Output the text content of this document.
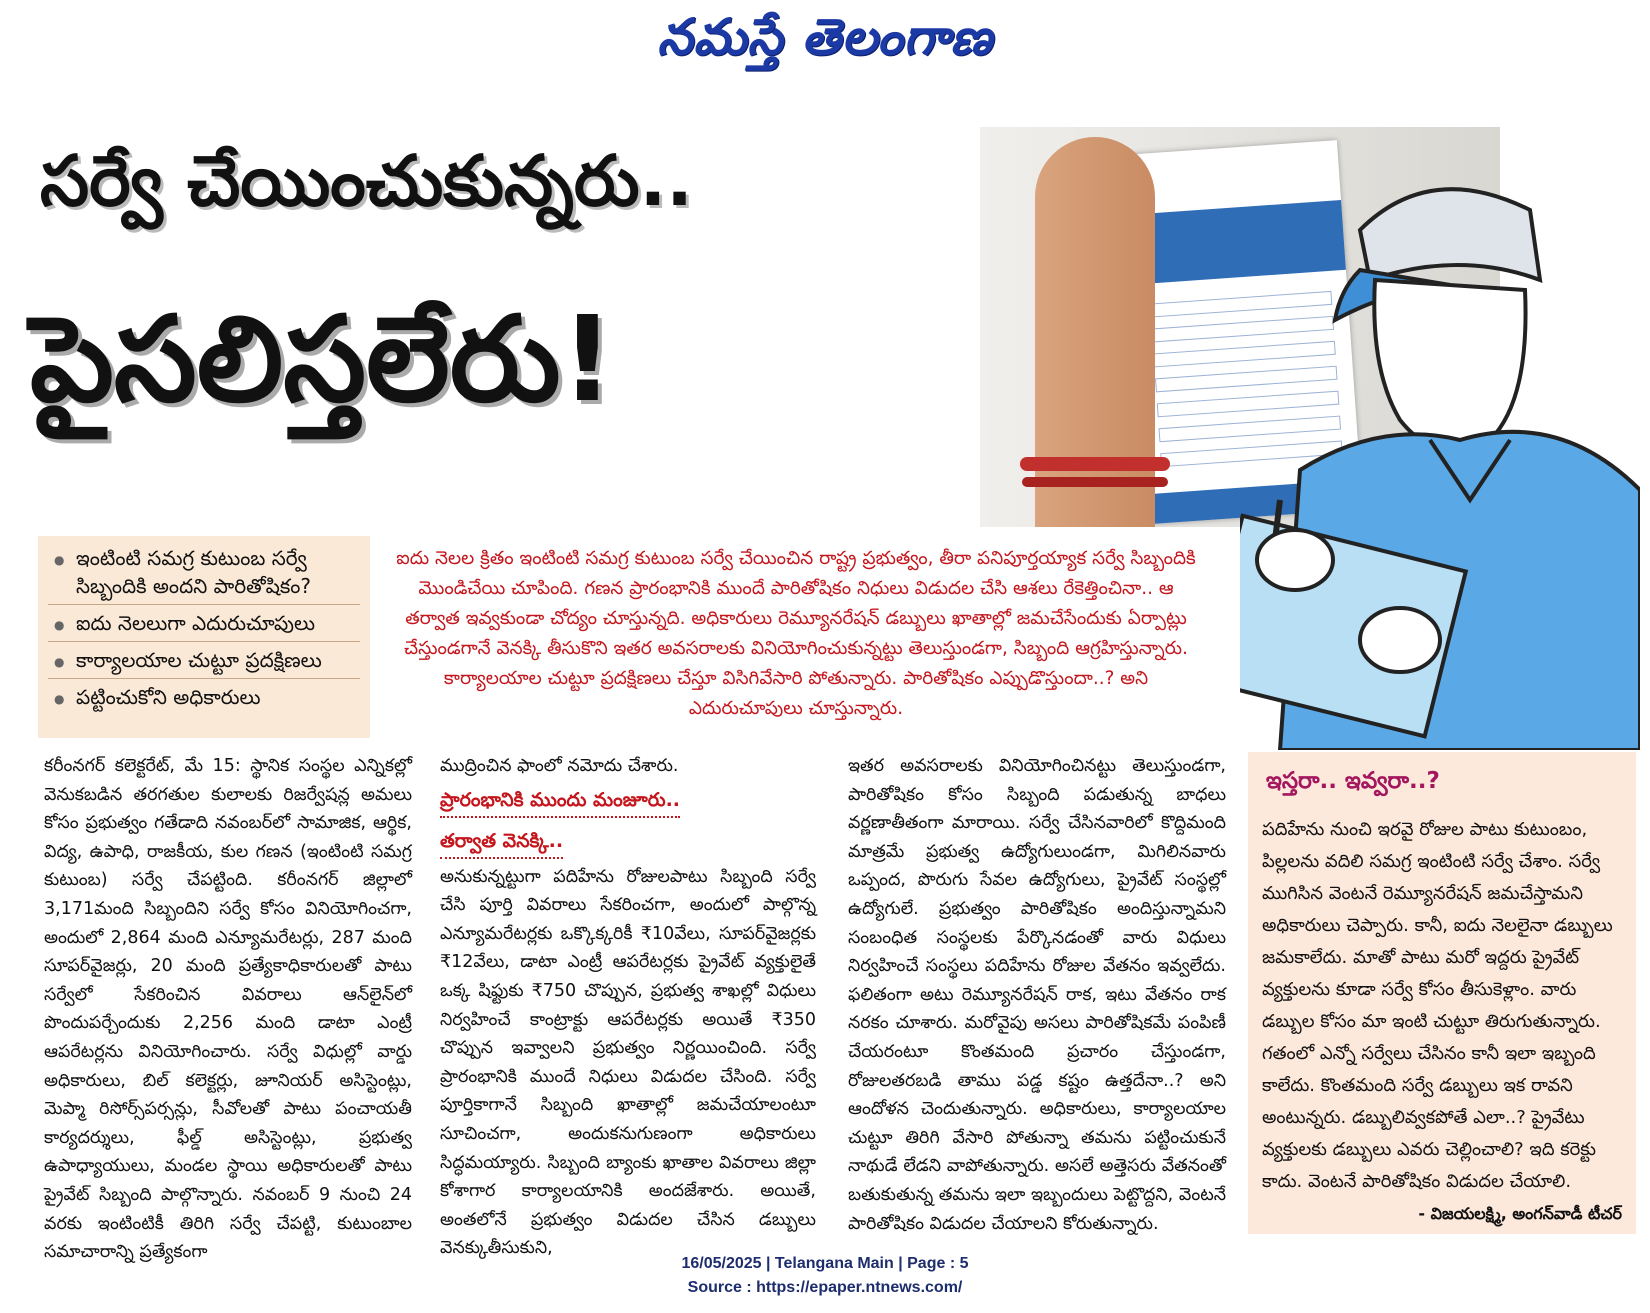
నమస్తే తెలంగాణ
సర్వే చేయించుకున్నరు..
పైసలిస్తలేరు!
● ఇంటింటి సమగ్ర కుటుంబ సర్వే సిబ్బందికి అందని పారితోషికం?
● ఐదు నెలలుగా ఎదురుచూపులు
● కార్యాలయాల చుట్టూ ప్రదక్షిణలు
● పట్టించుకోని అధికారులు
ఐదు నెలల క్రితం ఇంటింటి సమగ్ర కుటుంబ సర్వే చేయించిన రాష్ట్ర ప్రభుత్వం, తీరా పనిపూర్తయ్యాక సర్వే సిబ్బందికి మొండిచేయి చూపింది. గణన ప్రారంభానికి ముందే పారితోషికం నిధులు విడుదల చేసి ఆశలు రేకెత్తించినా.. ఆ తర్వాత ఇవ్వకుండా చోద్యం చూస్తున్నది. అధికారులు రెమ్యూనరేషన్ డబ్బులు ఖాతాల్లో జమచేసేందుకు ఏర్పాట్లు చేస్తుండగానే వెనక్కి తీసుకొని ఇతర అవసరాలకు వినియోగించుకున్నట్టు తెలుస్తుండగా, సిబ్బంది ఆగ్రహిస్తున్నారు. కార్యాలయాల చుట్టూ ప్రదక్షిణలు చేస్తూ విసిగివేసారి పోతున్నారు. పారితోషికం ఎప్పుడొస్తుందా..? అని ఎదురుచూపులు చూస్తున్నారు.

కరీంనగర్ కలెక్టరేట్, మే 15: స్థానిక సంస్థల ఎన్నికల్లో వెనుకబడిన తరగతుల కులాలకు రిజర్వేషన్ల అమలు కోసం ప్రభుత్వం గతేడాది నవంబర్‌లో సామాజిక, ఆర్థిక, విద్య, ఉపాధి, రాజకీయ, కుల గణన (ఇంటింటి సమగ్ర కుటుంబ) సర్వే చేపట్టింది. కరీంనగర్ జిల్లాలో 3,171మంది సిబ్బందిని సర్వే కోసం వినియోగించగా, అందులో 2,864 మంది ఎన్యూమరేటర్లు, 287 మంది సూపర్‌వైజర్లు, 20 మంది ప్రత్యేకాధికారులతో పాటు సర్వేలో సేకరించిన వివరాలు ఆన్‌లైన్‌లో పొందుపర్చేందుకు 2,256 మంది డాటా ఎంట్రీ ఆపరేటర్లను వినియోగించారు. సర్వే విధుల్లో వార్డు అధికారులు, బిల్ కలెక్టర్లు, జూనియర్ అసిస్టెంట్లు, మెప్మా రిసోర్స్‌పర్సన్లు, సీవోలతో పాటు పంచాయతీ కార్యదర్శులు, ఫీల్డ్ అసిస్టెంట్లు, ప్రభుత్వ ఉపాధ్యాయులు, మండల స్థాయి అధికారులతో పాటు ప్రైవేట్ సిబ్బంది పాల్గొన్నారు. నవంబర్ 9 నుంచి 24 వరకు ఇంటింటికీ తిరిగి సర్వే చేపట్టి, కుటుంబాల సమాచారాన్ని ప్రత్యేకంగా

ముద్రించిన ఫాంలో నమోదు చేశారు.

ప్రారంభానికి ముందు మంజూరు..
తర్వాత వెనక్కి..

అనుకున్నట్టుగా పదిహేను రోజులపాటు సిబ్బంది సర్వే చేసి పూర్తి వివరాలు సేకరించగా, అందులో పాల్గొన్న ఎన్యూమరేటర్లకు ఒక్కొక్కరికీ ₹10వేలు, సూపర్‌వైజర్లకు ₹12వేలు, డాటా ఎంట్రీ ఆపరేటర్లకు ప్రైవేట్ వ్యక్తులైతే ఒక్క షిఫ్టుకు ₹750 చొప్పున, ప్రభుత్వ శాఖల్లో విధులు నిర్వహించే కాంట్రాక్టు ఆపరేటర్లకు అయితే ₹350 చొప్పున ఇవ్వాలని ప్రభుత్వం నిర్ణయించింది. సర్వే ప్రారంభానికి ముందే నిధులు విడుదల చేసింది. సర్వే పూర్తికాగానే సిబ్బంది ఖాతాల్లో జమచేయాలంటూ సూచించగా, అందుకనుగుణంగా అధికారులు సిద్ధమయ్యారు. సిబ్బంది బ్యాంకు ఖాతాల వివరాలు జిల్లా కోశాగార కార్యాలయానికి అందజేశారు. అయితే, అంతలోనే ప్రభుత్వం విడుదల చేసిన డబ్బులు వెనక్కుతీసుకుని,

ఇతర అవసరాలకు వినియోగించినట్టు తెలుస్తుండగా, పారితోషికం కోసం సిబ్బంది పడుతున్న బాధలు వర్ణణాతీతంగా మారాయి. సర్వే చేసినవారిలో కొద్దిమంది మాత్రమే ప్రభుత్వ ఉద్యోగులుండగా, మిగిలినవారు ఒప్పంద, పొరుగు సేవల ఉద్యోగులు, ప్రైవేట్ సంస్థల్లో ఉద్యోగులే. ప్రభుత్వం పారితోషికం అందిస్తున్నామని సంబంధిత సంస్థలకు పేర్కొనడంతో వారు విధులు నిర్వహించే సంస్థలు పదిహేను రోజుల వేతనం ఇవ్వలేదు. ఫలితంగా అటు రెమ్యూనరేషన్ రాక, ఇటు వేతనం రాక నరకం చూశారు. మరోవైపు అసలు పారితోషికమే పంపిణీ చేయరంటూ కొంతమంది ప్రచారం చేస్తుండగా, రోజులతరబడి తాము పడ్డ కష్టం ఉత్తదేనా..? అని ఆందోళన చెందుతున్నారు. అధికారులు, కార్యాలయాల చుట్టూ తిరిగి వేసారి పోతున్నా తమను పట్టించుకునే నాథుడే లేడని వాపోతున్నారు. అసలే అత్తెసరు వేతనంతో బతుకుతున్న తమను ఇలా ఇబ్బందులు పెట్టొద్దని, వెంటనే పారితోషికం విడుదల చేయాలని కోరుతున్నారు.

ఇస్తరా.. ఇవ్వరా..?

పదిహేను నుంచి ఇరవై రోజుల పాటు కుటుంబం, పిల్లలను వదిలి సమగ్ర ఇంటింటి సర్వే చేశాం. సర్వే ముగిసిన వెంటనే రెమ్యూనరేషన్ జమచేస్తామని అధికారులు చెప్పారు. కానీ, ఐదు నెలలైనా డబ్బులు జమకాలేదు. మాతో పాటు మరో ఇద్దరు ప్రైవేట్ వ్యక్తులను కూడా సర్వే కోసం తీసుకెళ్లాం. వారు డబ్బుల కోసం మా ఇంటి చుట్టూ తిరుగుతున్నారు. గతంలో ఎన్నో సర్వేలు చేసినం కానీ ఇలా ఇబ్బంది కాలేదు. కొంతమంది సర్వే డబ్బులు ఇక రావని అంటున్నరు. డబ్బులివ్వకపోతే ఎలా..? ప్రైవేటు వ్యక్తులకు డబ్బులు ఎవరు చెల్లించాలి? ఇది కరెక్టు కాదు. వెంటనే పారితోషికం విడుదల చేయాలి.

- విజయలక్ష్మి, అంగన్‌వాడీ టీచర్
16/05/2025 | Telangana Main | Page : 5
Source : https://epaper.ntnews.com/
